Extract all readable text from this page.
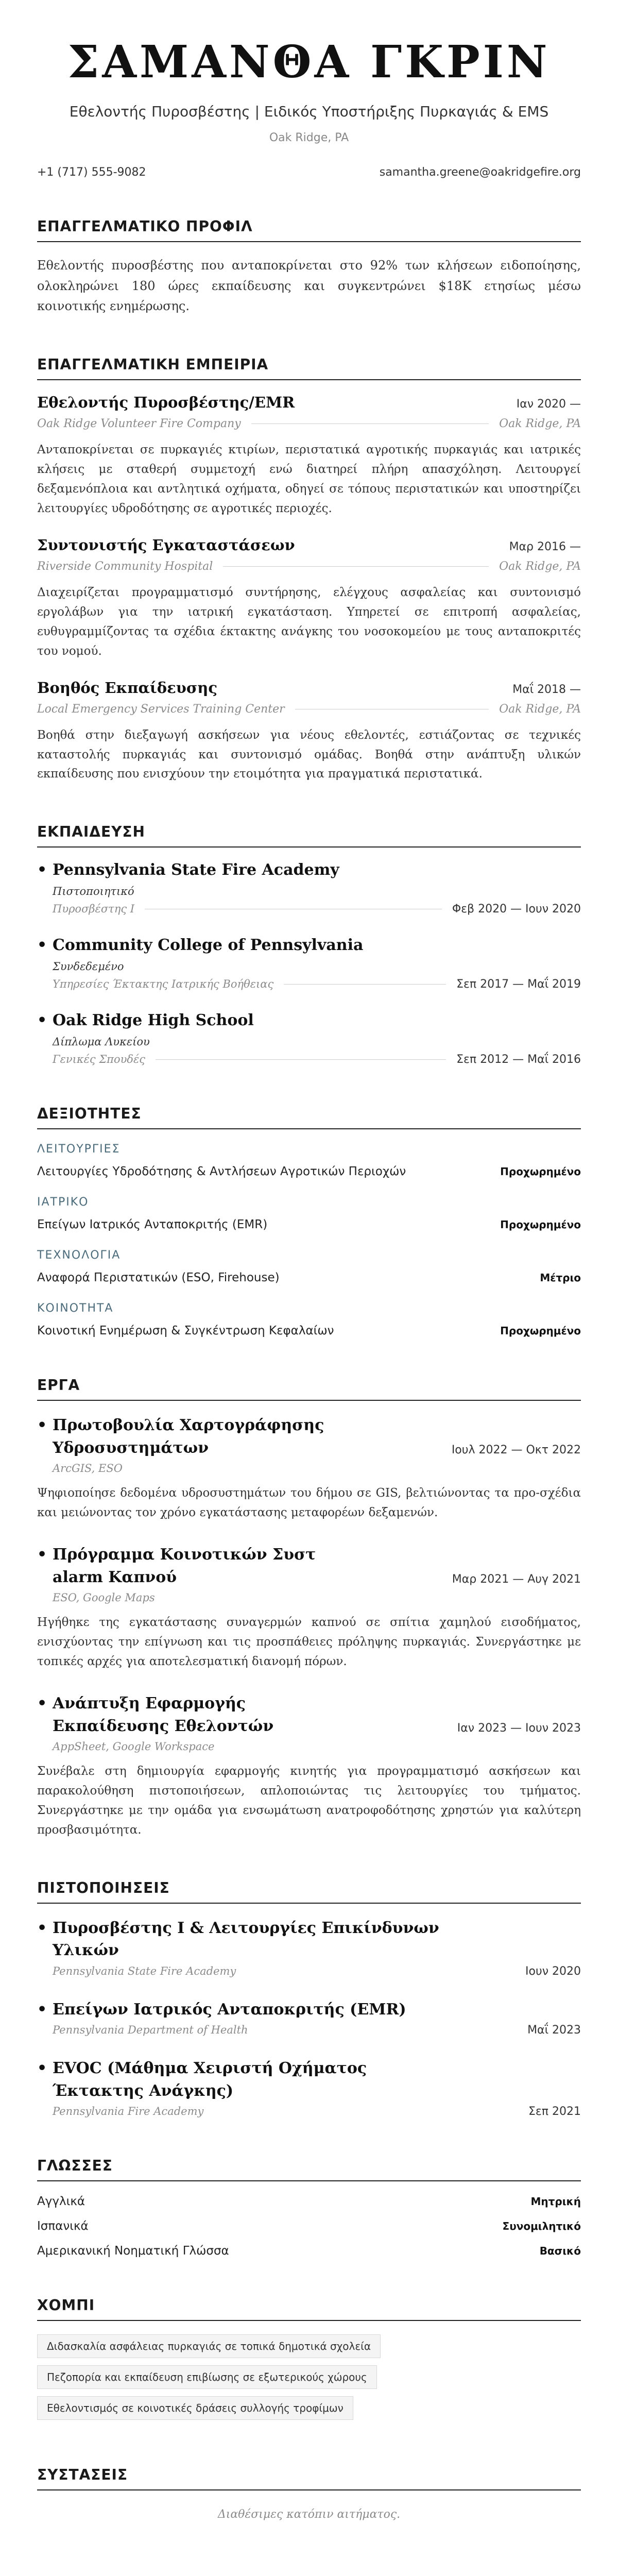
ΣΑΜΑΝΘΑ ΓΚΡΙΝ
Εθελοντής Πυροσβέστης | Ειδικός Υποστήριξης Πυρκαγιάς & EMS
Oak Ridge, PA
+1 (717) 555-9082	samantha.greene@oakridgefire.org
ΕΠΑΓΓΕΛΜΑΤΙΚΟ ΠΡΟΦΙΛ

Εθελοντής πυροσβέστης που ανταποκρίνεται στο 92% των κλήσεων ειδοποίησης, ολοκληρώνει 180 ώρες εκπαίδευσης και συγκεντρώνει $18K ετησίως μέσω κοινοτικής ενημέρωσης.

ΕΠΑΓΓΕΛΜΑΤΙΚΗ ΕΜΠΕΙΡΙΑ
Εθελοντής Πυροσβέστης/EMR	Ιαν 2020 —
Oak Ridge Volunteer Fire Company	Oak Ridge, PA

Ανταποκρίνεται σε πυρκαγιές κτιρίων, περιστατικά αγροτικής πυρκαγιάς και ιατρικές κλήσεις με σταθερή συμμετοχή ενώ διατηρεί πλήρη απασχόληση. Λειτουργεί δεξαμενόπλοια και αντλητικά οχήματα, οδηγεί σε τόπους περιστατικών και υποστηρίζει λειτουργίες υδροδότησης σε αγροτικές περιοχές.

Συντονιστής Εγκαταστάσεων	Μαρ 2016 —
Riverside Community Hospital	Oak Ridge, PA

Διαχειρίζεται προγραμματισμό συντήρησης, ελέγχους ασφαλείας και συντονισμό εργολάβων για την ιατρική εγκατάσταση. Υπηρετεί σε επιτροπή ασφαλείας, ευθυγραμμίζοντας τα σχέδια έκτακτης ανάγκης του νοσοκομείου με τους ανταποκριτές του νομού.

Βοηθός Εκπαίδευσης	Μαΐ 2018 —
Local Emergency Services Training Center	Oak Ridge, PA

Βοηθά στην διεξαγωγή ασκήσεων για νέους εθελοντές, εστιάζοντας σε τεχνικές καταστολής πυρκαγιάς και συντονισμό ομάδας. Βοηθά στην ανάπτυξη υλικών εκπαίδευσης που ενισχύουν την ετοιμότητα για πραγματικά περιστατικά.

ΕΚΠΑΙΔΕΥΣΗ
• Pennsylvania State Fire Academy
Πιστοποιητικό
Πυροσβέστης I	Φεβ 2020 — Ιουν 2020
• Community College of Pennsylvania
Συνδεδεμένο
Υπηρεσίες Έκτακτης Ιατρικής Βοήθειας	Σεπ 2017 — Μαΐ 2019
• Oak Ridge High School
Δίπλωμα Λυκείου
Γενικές Σπουδές	Σεπ 2012 — Μαΐ 2016
ΔΕΞΙΟΤΗΤΕΣ
ΛΕΙΤΟΥΡΓΙΕΣ
Λειτουργίες Υδροδότησης & Αντλήσεων Αγροτικών Περιοχών	Προχωρημένο
ΙΑΤΡΙΚΟ
Επείγων Ιατρικός Ανταποκριτής (EMR)	Προχωρημένο
ΤΕΧΝΟΛΟΓΙΑ
Αναφορά Περιστατικών (ESO, Firehouse)	Μέτριο
ΚΟΙΝΟΤΗΤΑ
Κοινοτική Ενημέρωση & Συγκέντρωση Κεφαλαίων	Προχωρημένο
ΕΡΓΑ
• Πρωτοβουλία Χαρτογράφησης Υδροσυστημάτων	Ιουλ 2022 — Οκτ 2022
ArcGIS, ESO

Ψηφιοποίησε δεδομένα υδροσυστημάτων του δήμου σε GIS, βελτιώνοντας τα προ-σχέδια και μειώνοντας τον χρόνο εγκατάστασης μεταφορέων δεξαμενών.

• Πρόγραμμα Κοινοτικών Συστ alarm Καπνού	Μαρ 2021 — Αυγ 2021
ESO, Google Maps

Ηγήθηκε της εγκατάστασης συναγερμών καπνού σε σπίτια χαμηλού εισοδήματος, ενισχύοντας την επίγνωση και τις προσπάθειες πρόληψης πυρκαγιάς. Συνεργάστηκε με τοπικές αρχές για αποτελεσματική διανομή πόρων.

• Ανάπτυξη Εφαρμογής Εκπαίδευσης Εθελοντών	Ιαν 2023 — Ιουν 2023
AppSheet, Google Workspace

Συνέβαλε στη δημιουργία εφαρμογής κινητής για προγραμματισμό ασκήσεων και παρακολούθηση πιστοποιήσεων, απλοποιώντας τις λειτουργίες του τμήματος. Συνεργάστηκε με την ομάδα για ενσωμάτωση ανατροφοδότησης χρηστών για καλύτερη προσβασιμότητα.

ΠΙΣΤΟΠΟΙΗΣΕΙΣ
• Πυροσβέστης Ι & Λειτουργίες Επικίνδυνων Υλικών
Pennsylvania State Fire Academy	Ιουν 2020
• Επείγων Ιατρικός Ανταποκριτής (EMR)
Pennsylvania Department of Health	Μαΐ 2023
• EVOC (Μάθημα Χειριστή Οχήματος Έκτακτης Ανάγκης)
Pennsylvania Fire Academy	Σεπ 2021
ΓΛΩΣΣΕΣ
Αγγλικά	Μητρική
Ισπανικά	Συνομιλητικό
Αμερικανική Νοηματική Γλώσσα	Βασικό
ΧΟΜΠΙ
Διδασκαλία ασφάλειας πυρκαγιάς σε τοπικά δημοτικά σχολεία
Πεζοπορία και εκπαίδευση επιβίωσης σε εξωτερικούς χώρους
Εθελοντισμός σε κοινοτικές δράσεις συλλογής τροφίμων
ΣΥΣΤΑΣΕΙΣ
Διαθέσιμες κατόπιν αιτήματος.
